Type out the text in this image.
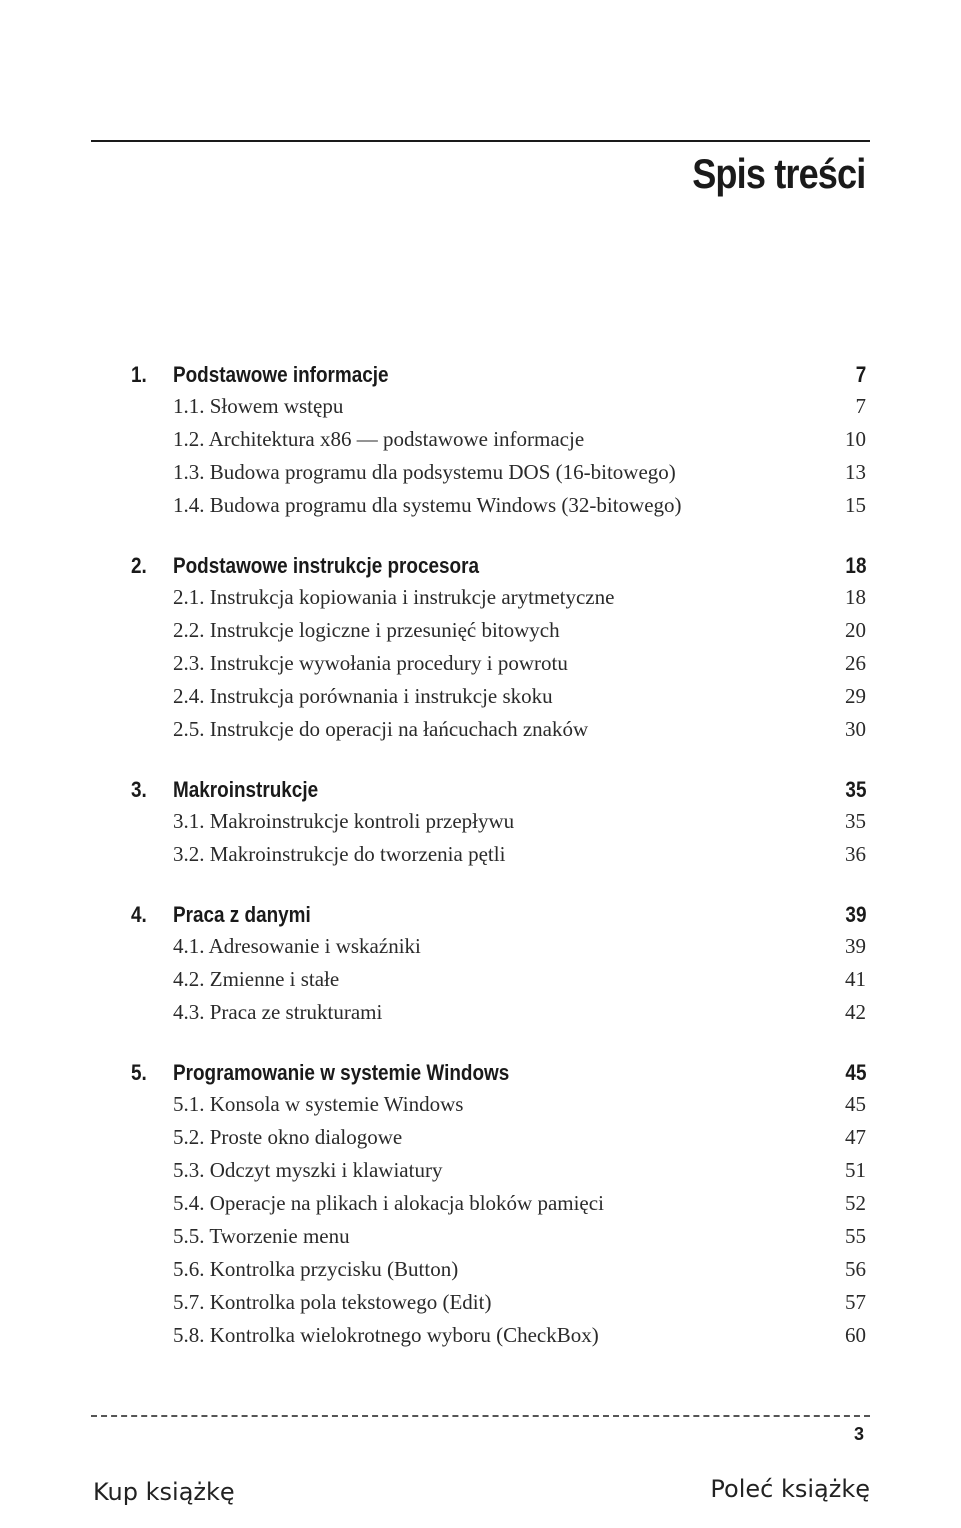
Spis treści
1. Podstawowe informacje	7
1.1. Słowem wstępu	7
1.2. Architektura x86 — podstawowe informacje	10
1.3. Budowa programu dla podsystemu DOS (16-bitowego)	13
1.4. Budowa programu dla systemu Windows (32-bitowego)	15
2. Podstawowe instrukcje procesora	18
2.1. Instrukcja kopiowania i instrukcje arytmetyczne	18
2.2. Instrukcje logiczne i przesunięć bitowych	20
2.3. Instrukcje wywołania procedury i powrotu	26
2.4. Instrukcja porównania i instrukcje skoku	29
2.5. Instrukcje do operacji na łańcuchach znaków	30
3. Makroinstrukcje	35
3.1. Makroinstrukcje kontroli przepływu	35
3.2. Makroinstrukcje do tworzenia pętli	36
4. Praca z danymi	39
4.1. Adresowanie i wskaźniki	39
4.2. Zmienne i stałe	41
4.3. Praca ze strukturami	42
5. Programowanie w systemie Windows	45
5.1. Konsola w systemie Windows	45
5.2. Proste okno dialogowe	47
5.3. Odczyt myszki i klawiatury	51
5.4. Operacje na plikach i alokacja bloków pamięci	52
5.5. Tworzenie menu	55
5.6. Kontrolka przycisku (Button)	56
5.7. Kontrolka pola tekstowego (Edit)	57
5.8. Kontrolka wielokrotnego wyboru (CheckBox)	60
3
Kup książkę	Poleć książkę
